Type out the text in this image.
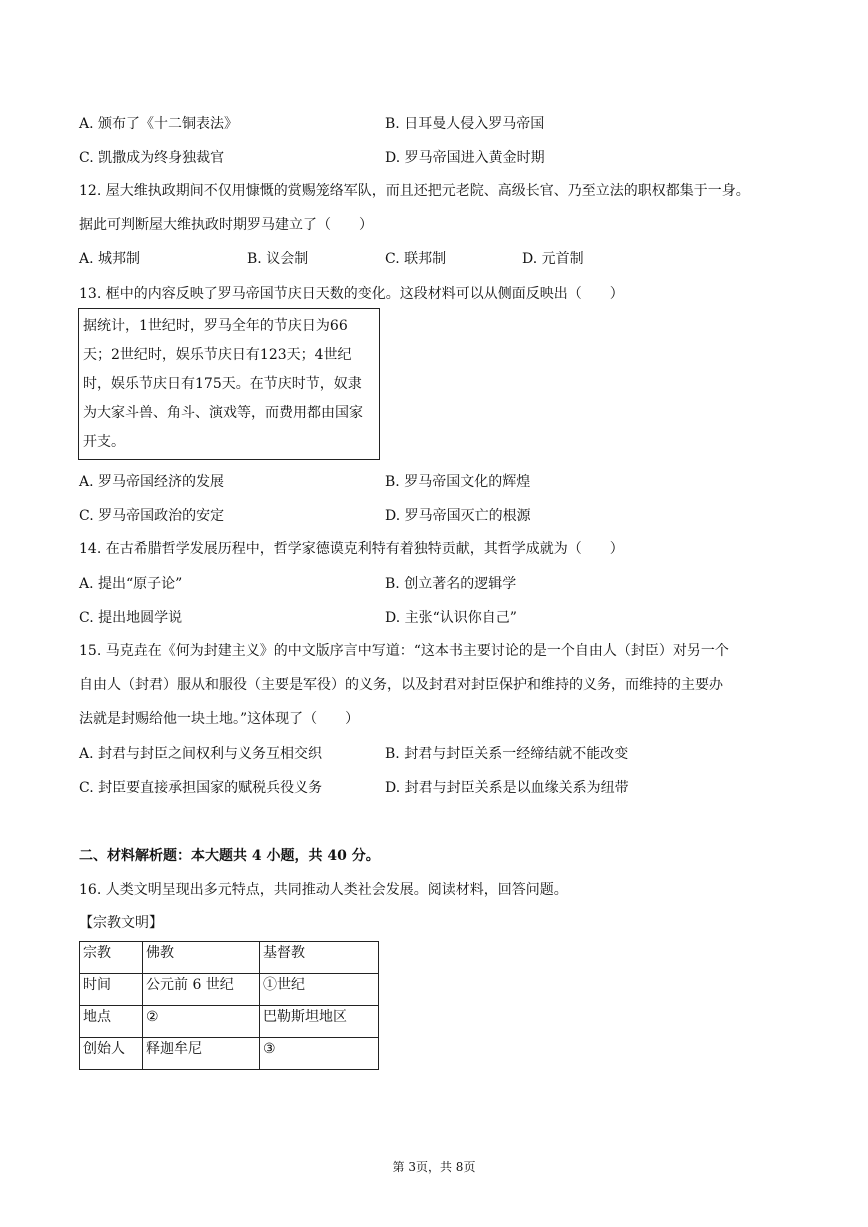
A. 颁布了《十二铜表法》	B. 日耳曼人侵入罗马帝国
C. 凯撒成为终身独裁官	D. 罗马帝国进入黄金时期
12. 屋大维执政期间不仅用慷慨的赏赐笼络军队，而且还把元老院、高级长官、乃至立法的职权都集于一身。
据此可判断屋大维执政时期罗马建立了（　　）
A. 城邦制	B. 议会制	C. 联邦制	D. 元首制
13. 框中的内容反映了罗马帝国节庆日天数的变化。这段材料可以从侧面反映出（　　）
据统计，1世纪时，罗马全年的节庆日为66天；2世纪时，娱乐节庆日有123天；4世纪时，娱乐节庆日有175天。在节庆时节，奴隶为大家斗兽、角斗、演戏等，而费用都由国家开支。
A. 罗马帝国经济的发展	B. 罗马帝国文化的辉煌
C. 罗马帝国政治的安定	D. 罗马帝国灭亡的根源
14. 在古希腊哲学发展历程中，哲学家德谟克利特有着独特贡献，其哲学成就为（　　）
A. 提出“原子论”	B. 创立著名的逻辑学
C. 提出地圆学说	D. 主张“认识你自己”
15. 马克垚在《何为封建主义》的中文版序言中写道：“这本书主要讨论的是一个自由人（封臣）对另一个
自由人（封君）服从和服役（主要是军役）的义务，以及封君对封臣保护和维持的义务，而维持的主要办
法就是封赐给他一块土地。”这体现了（　　）
A. 封君与封臣之间权利与义务互相交织	B. 封君与封臣关系一经缔结就不能改变
C. 封臣要直接承担国家的赋税兵役义务	D. 封君与封臣关系是以血缘关系为纽带
二、材料解析题：本大题共 4 小题，共 40 分。
16. 人类文明呈现出多元特点，共同推动人类社会发展。阅读材料，回答问题。
【宗教文明】
宗教	佛教	基督教
时间	公元前 6 世纪	①世纪
地点	②	巴勒斯坦地区
创始人	释迦牟尼	③
第 3页，共 8页
